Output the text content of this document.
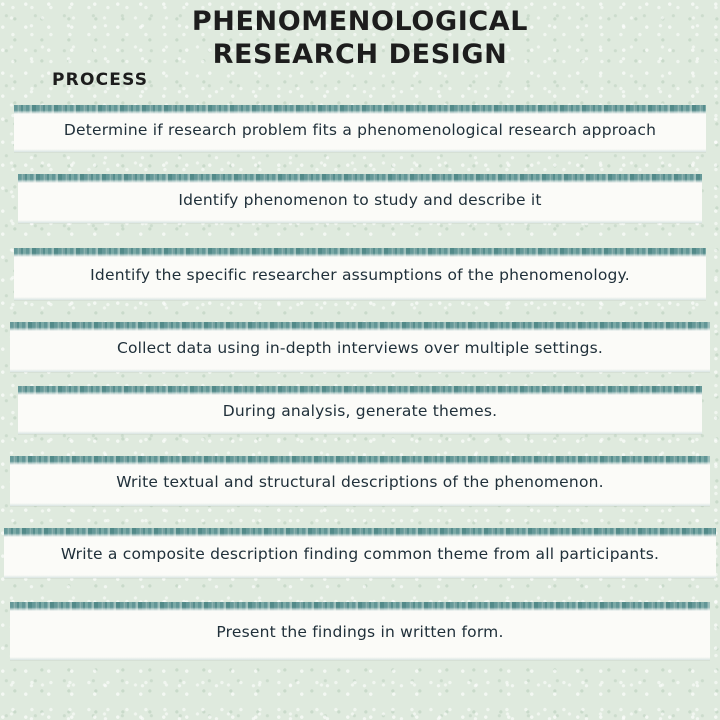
PHENOMENOLOGICAL
RESEARCH DESIGN
PROCESS
Determine if research problem fits a phenomenological research approach
Identify phenomenon to study and describe it
Identify the specific researcher assumptions of the phenomenology.
Collect data using in-depth interviews over multiple settings.
During analysis, generate themes.
Write textual and structural descriptions of the phenomenon.
Write a composite description finding common theme from all participants.
Present the findings in written form.
